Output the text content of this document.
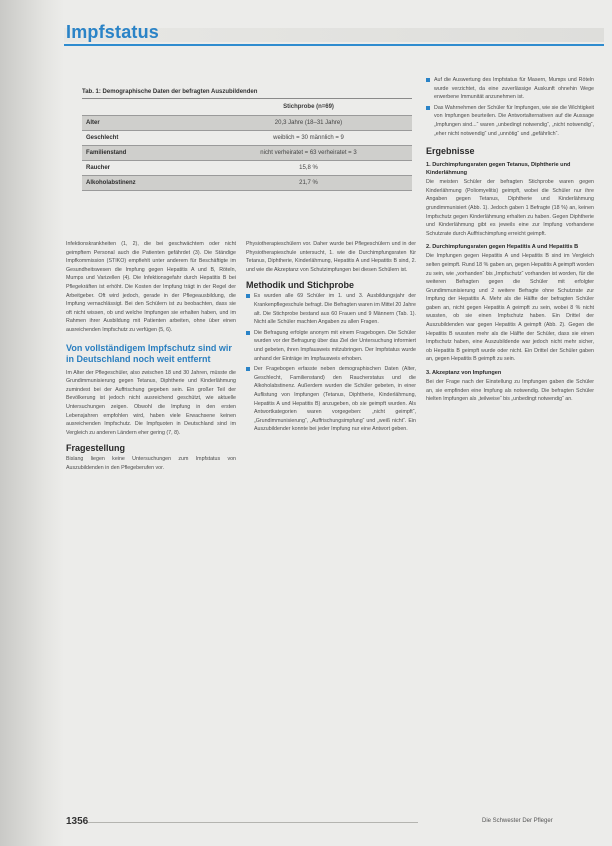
Impfstatus
Tab. 1: Demographische Daten der befragten Auszubildenden
	Stichprobe (n=69)
Alter	20,3 Jahre (18–31 Jahre)
Geschlecht	weiblich = 30 männlich = 9
Familienstand	nicht verheiratet = 63 verheiratet = 3
Raucher	15,8 %
Alkoholabstinenz	21,7 %
Auf die Auswertung des Impfstatus für Masern, Mumps und Röteln wurde verzichtet, da eine zuverlässige Auskunft ohnehin Wege erwerbene Immunität anzunehmen ist.
Das Wahrnehmen der Schüler für Impfungen, wie sie die Wichtigkeit von Impfungen beurteilen. Die Antwortalternativen auf die Aussage „Impfungen sind...“ waren „unbedingt notwendig“, „nicht notwendig“, „eher nicht notwendig“ und „unnötig“ und „gefährlich“.
Ergebnisse
1. Durchimpfungsraten gegen Tetanus, Diphtherie und Kinderlähmung
Die meisten Schüler der befragten Stichprobe waren gegen Kinderlähmung (Poliomyelitis) geimpft, wobei die Schüler nur ihre Angaben gegen Tetanus, Diphtherie und Kinderlähmung grundimmunisiert (Abb. 1). Jedoch gaben 1 Befragte (18 %) an, keinen Impfschutz gegen Kinderlähmung erhalten zu haben. Gegen Diphtherie und Kinderlähmung gibt es jeweils eine zur Impfung vorhandene Schutzrate durch Auffrischimpfung erreicht geimpft.
2. Durchimpfungsraten gegen Hepatitis A und Hepatitis B
Die Impfungen gegen Hepatitis A und Hepatitis B sind im Vergleich selten geimpft. Rund 18 % gaben an, gegen Hepatitis A geimpft worden zu sein, wie „vorhanden“ bis „Impfschutz“ vorhanden ist worden, für die weiteren Befragten gegen die Schüler mit erfolgter Grundimmunisierung und 2 weitere Befragte ohne Schutzrate zur Impfung der Hepatitis A. Mehr als die Hälfte der befragten Schüler gaben an, nicht gegen Hepatitis A geimpft zu sein, wobei 8 % nicht wussten, ob sie einen Impfschutz haben. Ein Drittel der Auszubildenden war gegen Hepatitis A geimpft (Abb. 2). Gegen die Hepatitis B wussten mehr als die Hälfte der Schüler, dass sie einen Impfschutz haben, eine Auszubildende war jedoch nicht mehr sicher, ob Hepatitis B geimpft wurde oder nicht. Ein Drittel der Schüler gaben an, gegen Hepatitis B geimpft zu sein.
3. Akzeptanz von Impfungen
Bei der Frage nach der Einstellung zu Impfungen gaben die Schüler an, sie empfinden eine Impfung als notwendig. Die befragten Schüler hielten Impfungen als „teilweise“ bis „unbedingt notwendig“ an.
Infektionskrankheiten (1, 2), die bei geschwächtem oder nicht geimpftem Personal auch die Patienten gefährdet (3). Die Ständige Impfkommission (STIKO) empfiehlt unter anderem für Beschäftigte im Gesundheitswesen die Impfung gegen Hepatitis A und B, Röteln, Mumps und Varizellen (4). Die Infektionsgefahr durch Hepatitis B bei Pflegekräften ist erhöht. Die Kosten der Impfung trägt in der Regel der Arbeitgeber. Oft wird jedoch, gerade in der Pflegeausbildung, die Impfung vernachlässigt. Bei den Schülern ist zu beobachten, dass sie oft nicht wissen, ob und welche Impfungen sie erhalten haben, und im Rahmen ihrer Ausbildung mit Patienten arbeiten, ohne über einen ausreichenden Impfschutz zu verfügen (5, 6).
Von vollständigem Impfschutz sind wir in Deutschland noch weit entfernt
Im Alter der Pflegeschüler, also zwischen 18 und 30 Jahren, müsste die Grundimmunisierung gegen Tetanus, Diphtherie und Kinderlähmung zumindest bei der Auffrischung gegeben sein. Ein großer Teil der Bevölkerung ist jedoch nicht ausreichend geschützt, wie aktuelle Untersuchungen zeigen. Obwohl die Impfung in den ersten Lebensjahren empfohlen wird, haben viele Erwachsene keinen ausreichenden Impfschutz. Die Impfquoten in Deutschland sind im Vergleich zu anderen Ländern eher gering (7, 8).
Fragestellung
Bislang liegen keine Untersuchungen zum Impfstatus von Auszubildenden in den Pflegeberufen vor.
Physiotherapieschülern vor. Daher wurde bei Pflegeschülern und in der Physiotherapieschule untersucht, 1. wie die Durchimpfungsraten für Tetanus, Diphtherie, Kinderlähmung, Hepatitis A und Hepatitis B sind, 2. und wie die Akzeptanz von Schutzimpfungen bei diesen Schülern ist.
Methodik und Stichprobe
Es wurden alle 69 Schüler im 1. und 3. Ausbildungsjahr der Krankenpflegeschule befragt. Die Befragten waren im Mittel 20 Jahre alt. Die Stichprobe bestand aus 60 Frauen und 9 Männern (Tab. 1). Nicht alle Schüler machten Angaben zu allen Fragen.
Die Befragung erfolgte anonym mit einem Fragebogen. Die Schüler wurden vor der Befragung über das Ziel der Untersuchung informiert und gebeten, ihren Impfausweis mitzubringen. Der Impfstatus wurde anhand der Einträge im Impfausweis erhoben.
Der Fragebogen erfasste neben demographischen Daten (Alter, Geschlecht, Familienstand) den Raucherstatus und die Alkoholabstinenz. Außerdem wurden die Schüler gebeten, in einer Auflistung von Impfungen (Tetanus, Diphtherie, Kinderlähmung, Hepatitis A und Hepatitis B) anzugeben, ob sie geimpft wurden. Als Antwortkategorien waren vorgegeben: „nicht geimpft“, „Grundimmunisierung“, „Auffrischungsimpfung“ und „weiß nicht“. Ein Auszubildender konnte bei jeder Impfung nur eine Antwort geben.
1356	Die Schwester Der Pfleger
